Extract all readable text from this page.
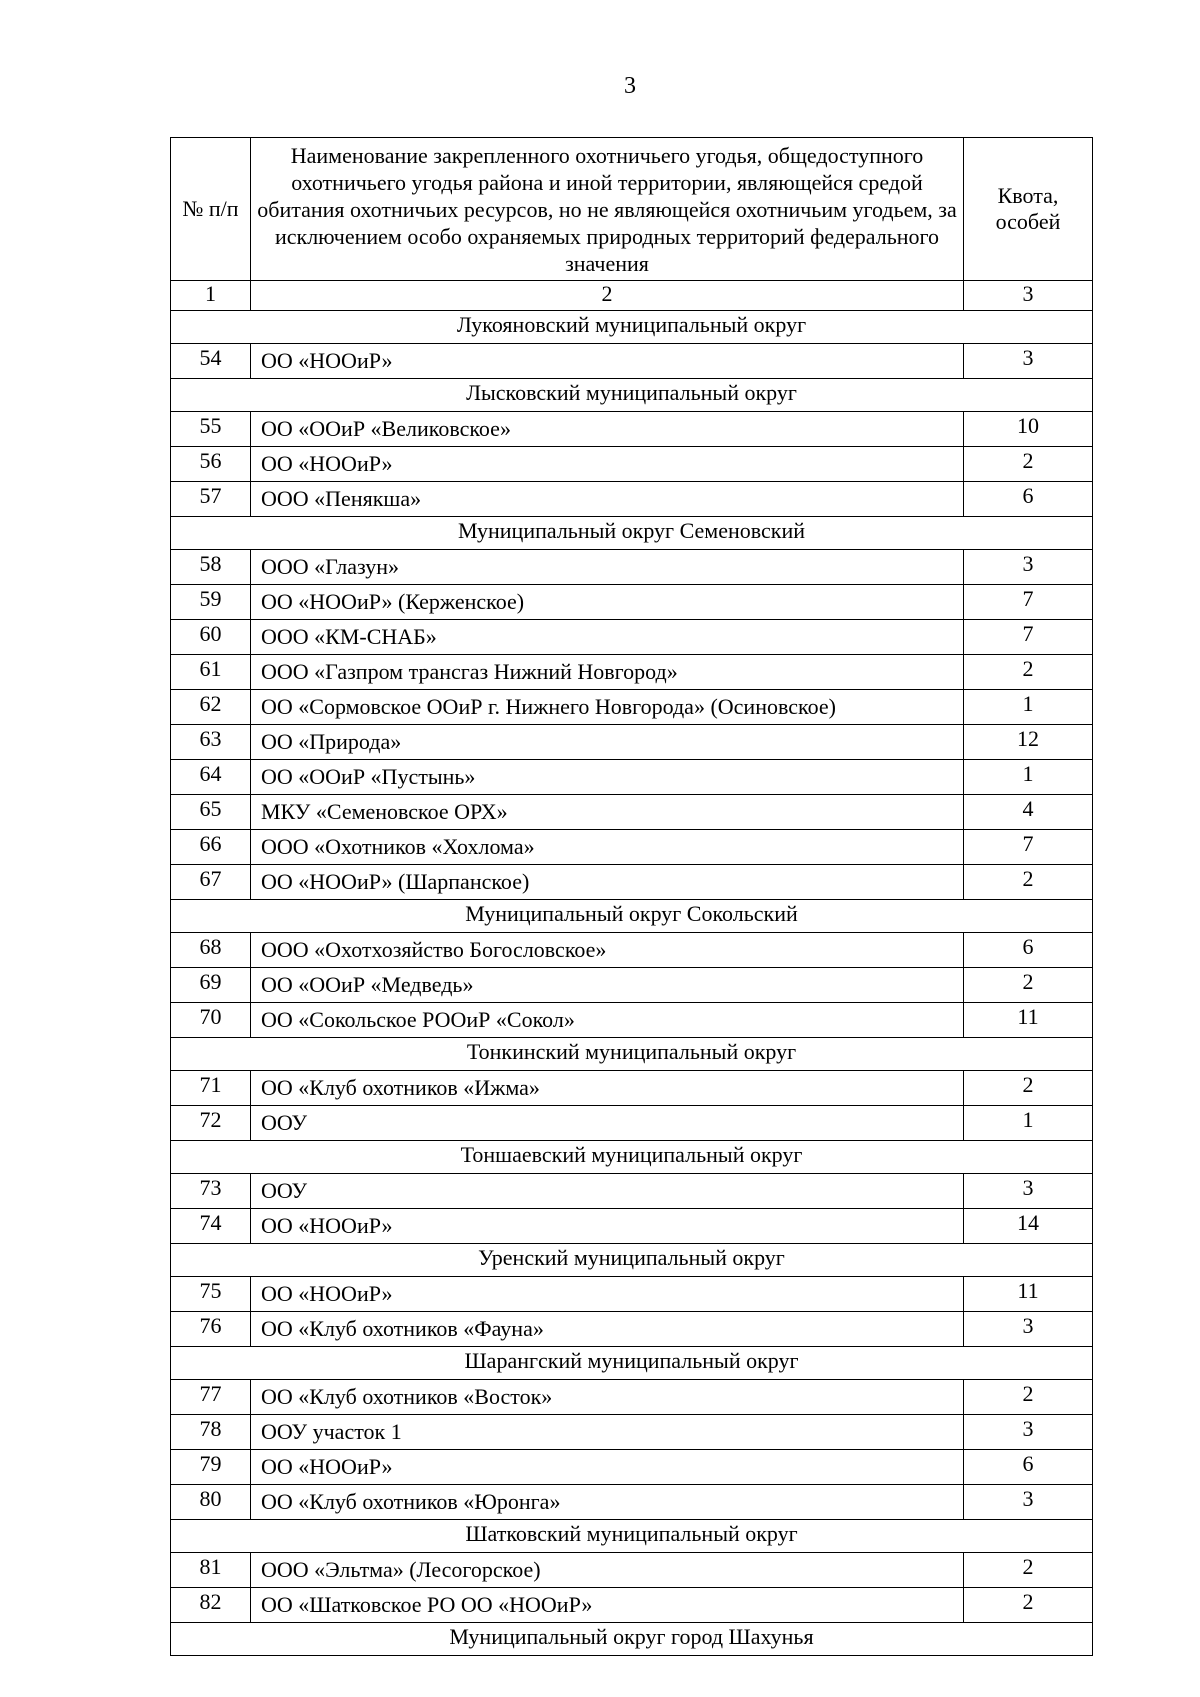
3
№ п/п	Наименование закрепленного охотничьего угодья, общедоступного охотничьего угодья района и иной территории, являющейся средой обитания охотничьих ресурсов, но не являющейся охотничьим угодьем, за исключением особо охраняемых природных территорий федерального значения	Квота, особей
1	2	3
Лукояновский муниципальный округ		
54	ОО «НООиР»	3
Лысковский муниципальный округ		
55	ОО «ООиР «Великовское»	10
56	ОО «НООиР»	2
57	ООО «Пенякша»	6
Муниципальный округ Семеновский		
58	ООО «Глазун»	3
59	ОО «НООиР» (Керженское)	7
60	ООО «КМ-СНАБ»	7
61	ООО «Газпром трансгаз Нижний Новгород»	2
62	ОО «Сормовское ООиР г. Нижнего Новгорода» (Осиновское)	1
63	ОО «Природа»	12
64	ОО «ООиР «Пустынь»	1
65	МКУ «Семеновское ОРХ»	4
66	ООО «Охотников «Хохлома»	7
67	ОО «НООиР» (Шарпанское)	2
Муниципальный округ Сокольский		
68	ООО «Охотхозяйство Богословское»	6
69	ОО «ООиР «Медведь»	2
70	ОО «Сокольское РООиР «Сокол»	11
Тонкинский муниципальный округ		
71	ОО «Клуб охотников «Ижма»	2
72	ООУ	1
Тоншаевский муниципальный округ		
73	ООУ	3
74	ОО «НООиР»	14
Уренский муниципальный округ		
75	ОО «НООиР»	11
76	ОО «Клуб охотников «Фауна»	3
Шарангский муниципальный округ		
77	ОО «Клуб охотников «Восток»	2
78	ООУ участок 1	3
79	ОО «НООиР»	6
80	ОО «Клуб охотников «Юронга»	3
Шатковский муниципальный округ		
81	ООО «Эльтма» (Лесогорское)	2
82	ОО «Шатковское РО ОО «НООиР»	2
Муниципальный округ город Шахунья		
